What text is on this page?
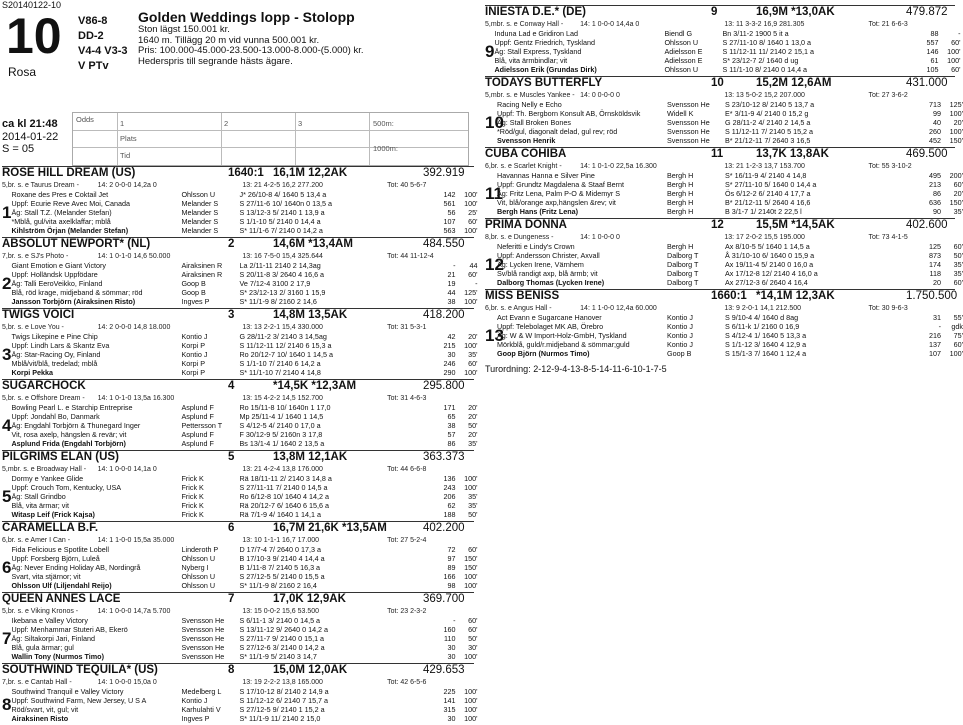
S20140122-10
10
Rosa
V86-8
DD-2
V4-4 V3-3
V PTv
Golden Weddings lopp - Stolopp
Ston lägst 150.001 kr.
1640 m. Tillägg 20 m vid vunna 500.001 kr.
Pris: 100.000-45.000-23.500-13.000-8.000-(5.000) kr.
Hederspris till segrande hästs ägare.
ca kl 21:48
2014-01-22
S = 05
Odds	1	2	3
Plats
Tid
500m:
1000m:
ROSE HILL DREAM (US)	1640:1 16,1M 12,2AK	392.919
5,br. s. e Taurus Dream -	14: 2 0-0-0 14,2a 0	13: 21 4-2-5 16,2 277.200	Tot: 40 5-6-7
1
Roxane des Pres e Coktail Jet	Ohlsson U	J* 26/10-8 4/ 1640 5 13,4 a	142	100'
Uppf: Ecurie Reve Avec Moi, Canada	Melander S	S 27/11-6 10/ 1640n 0 13,5 a	561	100'
Äg: Stall T.Z. (Melander Stefan)	Melander S	S 13/12-3 5/ 2140 1 13,9 a	56	25'
*Mblå, gul/vita axelklaffar; mblå	Melander S	S 1/1-10 5/ 2140 0 14,4 a	107	60'
Kihlström Örjan (Melander Stefan)	Melander S	S* 11/1-6 7/ 2140 0 14,2 a	563	100'
ABSOLUT NEWPORT* (NL)	2	14,6M *13,4AM	484.550
7,br. s. e SJ's Photo -	14: 1 0-1-0 14,6 50.000	13: 16 7-5-0 15,4 325.644	Tot: 44 11-12-4
2
Giant Emotion e Giant Victory	Airaksinen R	La 2/11-11 2140 2 14,3ag	-	44
Uppf: Holländsk Uppfödare	Airaksinen R	S 20/11-8 3/ 2640 4 16,6 a	21	60'
Äg: Talli EeroVeikko, Finland	Goop B	Ve 7/12-4 3100 2 17,9	19	-
Blå, röd krage, midjeband & sömmar; röd	Goop B	S* 23/12-13 2/ 3160 1 15,9	44	125'
Jansson Torbjörn (Airaksinen Risto)	Ingves P	S* 11/1-9 8/ 2160 2 14,6	38	100'
TWIGS VOICI	3	14,8M 13,5AK	418.200
5,br. s. e Love You -	14: 2 0-0-0 14,8 18.000	13: 13 2-2-1 15,4 330.000	Tot: 31 5-3-1
3
Twigs Likepine e Pine Chip	Kontio J	G 28/11-2 3/ 2140 3 14,5ag	42	20'
Uppf: Lindh Lars & Skantz Eva	Korpi P	S 11/12-11 12/ 2140 6 15,3 a	215	100'
Äg: Star-Racing Oy, Finland	Kontio J	Ro 20/12-7 10/ 1640 1 14,5 a	30	35'
Mblå/vit/blå, tredelad; mblå	Korpi P	S 1/1-10 7/ 2140 6 14,2 a	246	60'
Korpi Pekka	Korpi P	S* 11/1-10 7/ 2140 4 14,8	290	100'
SUGARCHOCK	4	*14,5K *12,3AM	295.800
5,br. s. e Offshore Dream -	14: 1 0-1-0 13,5a 16.300	13: 15 4-2-2 14,5 152.700	Tot: 31 4-6-3
4
Bowling Pearl L. e Starchip Entreprise	Asplund F	Ro 15/11-8 10/ 1640n 1 17,0	171	20'
Uppf: Jondahl Bo, Danmark	Asplund F	Mp 25/11-4 1/ 1640 1 14,5	65	20'
Äg: Engdahl Torbjörn & Thunegard Inger	Pettersson T	S 4/12-5 4/ 2140 0 17,0 a	38	50'
Vit, rosa axelp, hängslen & revär; vit	Asplund F	F 30/12-9 5/ 2160n 3 17,8	57	20'
Asplund Frida (Engdahl Torbjörn)	Asplund F	Bs 13/1-4 1/ 1640 2 13,5 a	86	35'
PILGRIMS ELAN (US)	5	13,8M 12,1AK	363.373
5,mbr. s. e Broadway Hall -	14: 1 0-0-0 14,1a 0	13: 21 4-2-4 13,8 176.000	Tot: 44 6-6-8
5
Dormy e Yankee Glide	Frick K	Rä 18/11-11 2/ 2140 3 14,8 a	136	100'
Uppf: Crouch Tom, Kentucky, USA	Frick K	S 27/11-11 7/ 2140 0 14,5 a	243	100'
Äg: Stall Grindbo	Frick K	Ro 6/12-8 10/ 1640 4 14,2 a	206	35'
Blå, vita ärmar; vit	Frick K	Rä 20/12-7 6/ 1640 6 15,6 a	62	35'
Witasp Leif (Frick Kajsa)	Frick K	Rä 7/1-9 4/ 1640 1 14,1 a	188	50'
CARAMELLA B.F.	6	16,7M 21,6K *13,5AM	402.200
6,br. s. e Amer I Can -	14: 1 1-0-0 15,5a 35.000	13: 10 1-1-1 16,7 17.000	Tot: 27 5-2-4
6
Fida Felicious e Spotlite Lobell	Linderoth P	D 17/7-4 7/ 2640 0 17,3 a	72	60'
Uppf: Forsberg Björn, Luleå	Ohlsson U	B 17/10-3 9/ 2140 4 14,4 a	97	150'
Äg: Never Ending Holiday AB, Nordingrå	Nyberg I	B 1/11-8 7/ 2140 5 16,3 a	89	150'
Svart, vita stjärnor; vit	Ohlsson U	S 27/12-5 5/ 2140 0 15,5 a	166	100'
Ohlsson Ulf (Liljendahl Reijo)	Ohlsson U	S* 11/1-9 8/ 2160 2 16,4	98	100'
QUEEN ANNES LACE	7	17,0K 12,9AK	369.700
5,br. s. e Viking Kronos -	14: 1 0-0-0 14,7a 5.700	13: 15 0-0-2 15,6 53.500	Tot: 23 2-3-2
7
Ikebana e Valley Victory	Svensson He	S 6/11-1 3/ 2140 0 14,5 a	-	60'
Uppf: Menhammar Stuteri AB, Ekerö	Svensson He	S 13/11-12 9/ 2640 0 14,2 a	160	60'
Äg: Siltakorpi Jari, Finland	Svensson He	S 27/11-7 9/ 2140 0 15,1 a	110	50'
Blå, gula ärmar; gul	Svensson He	S 27/12-6 3/ 2140 0 14,2 a	30	30'
Wallin Tony (Nurmos Timo)	Svensson He	S* 11/1-9 5/ 2140 3 14,7	30	100'
SOUTHWIND TEQUILA* (US)	8	15,0M 12,0AK	429.653
7,br. s. e Cantab Hall -	14: 1 0-0-0 15,0a 0	13: 19 2-2-2 13,8 165.000	Tot: 42 6-5-6
8
Southwind Tranquil e Valley Victory	Medelberg L	S 17/10-12 8/ 2140 2 14,9 a	225	100'
Uppf: Southwind Farm, New Jersey, U S A	Kontio J	S 11/12-12 6/ 2140 7 15,7 a	141	100'
Röd/svart, vit, gul; vit	Karhulahti V	S 27/12-5 9/ 2140 1 15,2 a	315	100'
Airaksinen Risto	Ingves P	S* 11/1-9 11/ 2140 2 15,0	30	100'
INIESTA D.E.* (DE)	9	16,9M *13,0AK	479.872
5,mbr. s. e Conway Hall -	14: 1 0-0-0 14,4a 0	13: 11 3-3-2 16,9 281.305	Tot: 21 6-6-3
9
Induna Lad e Gridiron Lad	Biendl G	Bn 3/11-2 1900 5 it a	88	-
Uppf: Gentz Friedrich, Tyskland	Ohlsson U	S 27/11-10 8/ 1640 1 13,0 a	557	60'
Äg: Stall Express, Tyskland	Adielsson E	S 11/12-11 11/ 2140 2 15,1 a	146	100'
Blå, vita ärmbindlar; vit	Adielsson E	S* 23/12-7 2/ 1640 d ug	61	100'
Adielsson Erik (Grundas Dirk)	Ohlsson U	S 11/1-10 8/ 2140 0 14,4 a	105	60'
TODAYS BUTTERFLY	10	15,2M 12,6AM	431.000
5,mbr. s. e Muscles Yankee - 14: 0 0-0-0 0	13: 13 5-0-2 15,2 207.000	Tot: 27 3-6-2
10
Racing Nelly e Echo	Svensson He	S 23/10-12 8/ 2140 5 13,7 a	713	125'
Uppf: Th. Bergborn Konsult AB, Örnsköldsvik	Widell K	E* 3/11-9 4/ 2140 0 15,2 g	99	100'
Äg: Stall Broken Bones	Svensson He	G 28/11-2 4/ 2140 2 14,5 a	40	20'
*Röd/gul, diagonalt delad, gul rev; röd	Svensson He	S 11/12-11 7/ 2140 5 15,2 a	260	100'
Svensson Henrik	Svensson He	B* 21/12-11 7/ 2640 3 16,5	452	150'
CUBA COHIBA	11	13,7K 13,8AK	469.500
6,br. s. e Scarlet Knight -	14: 1 0-1-0 22,5a 16.300	13: 21 1-2-3 13,7 153.700	Tot: 55 3-10-2
11
Havannas Hanna e Silver Pine	Bergh H	S* 16/11-9 4/ 2140 4 14,8	495	200'
Uppf: Grundtz Magdalena & Staaf Bernt	Bergh H	S* 27/11-10 5/ 1640 0 14,4 a	213	60'
Äg: Fritz Lena, Palm P-O & Midemyr S	Bergh H	Ös 6/12-2 6/ 2140 4 17,7 a	86	20'
Vit, blå/orange axp,hängslen &rev; vit	Bergh H	B* 21/12-11 5/ 2640 4 16,6	636	150'
Bergh Hans (Fritz Lena)	Bergh H	B 3/1-7 1/ 2140t 2 22,5 l	90	35'
PRIMA DONNA	12	15,5M *14,5AK	402.600
8,br. s. e Dungeness -	14: 1 0-0-0 0	13: 17 2-0-2 15,5 195.000	Tot: 73 4-1-5
12
Neferitti e Lindy's Crown	Bergh H	Ax 8/10-5 5/ 1640 1 14,5 a	125	60'
Uppf: Andersson Christer, Axvall	Dalborg T	Å 31/10-10 6/ 1640 0 15,9 a	873	50'
Äg: Lycken Irene, Värnhem	Dalborg T	Ax 19/11-4 5/ 2140 0 16,0 a	174	35'
Sv/blå randigt axp, blå ärmb; vit	Dalborg T	Ax 17/12-8 12/ 2140 4 16,0 a	118	35'
Dalborg Thomas (Lycken Irene)	Dalborg T	Ax 27/12-3 6/ 2640 4 16,4	20	60'
MISS BENISS	1660:1 *14,1M 12,3AK	1.750.500
6,br. s. e Angus Hall -	14: 1 1-0-0 12,4a 60.000	13: 9 2-0-1 14,1 212.500	Tot: 30 9-6-3
13
Act Evann e Sugarcane Hanover	Kontio J	S 9/10-4 4/ 1640 d 8ag	31	55'
Uppf: Telebolaget MK AB, Örebro	Kontio J	S 6/11-k 1/ 2160 0 16,9	-	gdk
Äg: W & W Import-Holz-GmbH, Tyskland	Kontio J	S 4/12-4 1/ 1640 5 13,3 a	216	75'
Mörkblå, guld/r.midjeband & sömmar;guld	Kontio J	S 1/1-12 3/ 1640 4 12,9 a	137	60'
Goop Björn (Nurmos Timo)	Goop B	S 15/1-3 7/ 1640 1 12,4 a	107	100'
Turordning: 2-12-9-4-13-8-5-14-11-6-10-1-7-5
